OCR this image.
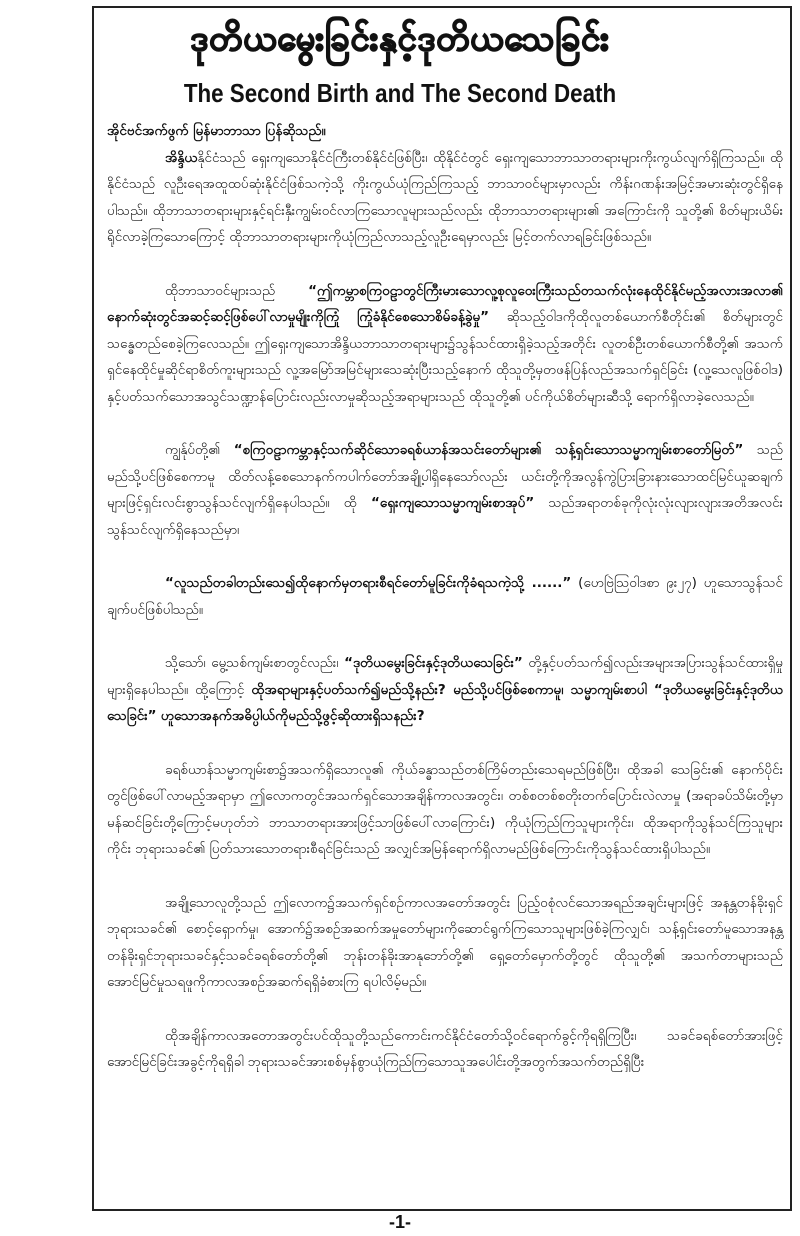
ဒုတိယမွေးခြင်းနှင့်ဒုတိယသေခြင်း
The Second Birth and The Second Death

အိုင်ဗင်အက်ဖွက် မြန်မာဘာသာ ပြန်ဆိုသည်။

အိန္ဒိယနိုင်ငံသည် ရှေးကျသောနိုင်ငံကြီးတစ်နိုင်ငံဖြစ်ပြီး၊ ထိုနိုင်ငံတွင် ရှေးကျသောဘာသာတရားများကိုးကွယ်လျက်ရှိကြသည်။ ထိုနိုင်ငံသည် လူဦးရေအထူထပ်ဆုံးနိုင်ငံဖြစ်သကဲ့သို့ ကိုးကွယ်ယုံကြည်ကြသည့် ဘာသာဝင်များမှာလည်း ကိန်းဂဏန်းအမြင့်အမားဆုံးတွင်ရှိနေပါသည်။ ထိုဘာသာတရားများနှင့်ရင်းနှီးကျွမ်းဝင်လာကြသောလူများသည်လည်း ထိုဘာသာတရားများ၏ အကြောင်းကို သူတို့၏ စိတ်များယိမ်းရိုင်လာခဲ့ကြသောကြောင့် ထိုဘာသာတရားများကိုယုံကြည်လာသည့်လူဦးရေမှာလည်း မြင့်တက်လာရခြင်းဖြစ်သည်။

ထိုဘာသာဝင်များသည် “ဤကမ္ဘာစကြဝဠာတွင်ကြီးမားသောလူ့စုလူဝေးကြီးသည်တသက်လုံးနေထိုင်နိုင်မည့်အလားအလာ၏ နောက်ဆုံးတွင်အဆင့်ဆင့်ဖြစ်ပေါ်လာမှုမျိုးကိုကြုံ ကြုံခံနိုင်စေသောစိမ်ခန့်ခွဲမှု” ဆိုသည့်ဝါဒကိုထိုလူတစ်ယောက်စီတိုင်း၏ စိတ်များတွင်သန္ဓေတည်စေခဲ့ကြလေသည်။ ဤရှေးကျသောအိန္ဒိယဘာသာတရားများ၌သွန်သင်ထားရှိခဲ့သည့်အတိုင်း လူတစ်ဦးတစ်ယောက်စီတို့၏ အသက်ရှင်နေထိုင်မှုဆိုင်ရာစိတ်ကူးများသည် လူ့အမြော်အမြင်များသေဆုံးပြီးသည့်နောက် ထိုသူတို့မှတဖန်ပြန်လည်အသက်ရှင်ခြင်း (လူ့သေလူဖြစ်ဝါဒ) နှင့်ပတ်သက်သောအသွင်သဏ္ဍာန်ပြောင်းလည်းလာမှုဆိုသည့်အရာများသည် ထိုသူတို့၏ ပင်ကိုယ်စိတ်များဆီသို့ ရောက်ရှိလာခဲ့လေသည်။

ကျွန်ုပ်တို့၏ “စကြဝဠာကမ္ဘာနှင့်သက်ဆိုင်သောခရစ်ယာန်အသင်းတော်များ၏ သန့်ရှင်းသောသမ္မာကျမ်းစာတော်မြတ်” သည် မည်သို့ပင်ဖြစ်စေကာမူ ထိတ်လန့်စေသောနက်ကပါက်တော်အချို့ပါရှိနေသော်လည်း ယင်းတို့ကိုအလွန်ကွဲပြားခြားနားသောထင်မြင်ယူဆချက်များဖြင့်ရှင်းလင်းစွာသွန်သင်လျက်ရှိနေပါသည်။ ထို “ရှေးကျသောသမ္မာကျမ်းစာအုပ်” သည်အရာတစ်ခုကိုလုံးလုံးလျားလျားအတိအလင်းသွန်သင်လျက်ရှိနေသည်မှာ၊

“လူသည်တခါတည်းသေ၍ထိုနောက်မှတရားစီရင်တော်မူခြင်းကိုခံရသကဲ့သို့ ......” (ဟေဗြဲသြဝါဒစာ ၉း၂၇) ဟူသောသွန်သင်ချက်ပင်ဖြစ်ပါသည်။

သို့သော်၊ မွေ့သစ်ကျမ်းစာတွင်လည်း၊ “ဒုတိယမွေးခြင်းနှင့်ဒုတိယသေခြင်း” တို့နှင့်ပတ်သက်၍လည်းအများအပြားသွန်သင်ထားရှိမှုများရှိနေပါသည်။ ထို့ကြောင့် ထိုအရာများနှင့်ပတ်သက်၍မည်သို့နည်း? မည်သို့ပင်ဖြစ်စေကာမူ၊ သမ္မာကျမ်းစာပါ “ဒုတိယမွေးခြင်းနှင့်ဒုတိယသေခြင်း” ဟူသောအနက်အဓိပ္ပါယ်ကိုမည်သို့ဖွင့်ဆိုထားရှိသနည်း?

ခရစ်ယာန်သမ္မာကျမ်းစာ၌အသက်ရှိသောလူ၏ ကိုယ်ခန္ဓာသည်တစ်ကြိမ်တည်းသေရမည်ဖြစ်ပြီး၊ ထိုအခါ သေခြင်း၏ နောက်ပိုင်းတွင်ဖြစ်ပေါ်လာမည့်အရာမှာ ဤလောကတွင်အသက်ရှင်သောအချိန်ကာလအတွင်း၊ တစ်စတစ်စတိုးတက်ပြောင်းလဲလာမှု (အရာခပ်သိမ်းတို့မှာမန်ဆင်ခြင်းတို့ကြောင့်မဟုတ်ဘဲ ဘာသာတရားအားဖြင့်သာဖြစ်ပေါ်လာကြောင်း) ကိုယုံကြည်ကြသူများကိုင်း၊ ထိုအရာကိုသွန်သင်ကြသူများကိုင်း ဘုရားသခင်၏ ပြတ်သားသောတရားစီရင်ခြင်းသည် အလျှင်အမြန်ရောက်ရှိလာမည်ဖြစ်ကြောင်းကိုသွန်သင်ထားရှိပါသည်။

အချို့သောလူတို့သည် ဤလောက၌အသက်ရှင်စဉ်ကာလအတော်အတွင်း ပြည့်ဝစုံလင်သောအရည်အချင်းများဖြင့် အနန္တတန်ခိုးရှင်ဘုရားသခင်၏ စောင့်ရှောက်မှု၊ အောက်၌အစဉ်အဆက်အမှုတော်များကိုဆောင်ရွက်ကြသောသူများဖြစ်ခဲ့ကြလျှင်၊ သန့်ရှင်းတော်မူသောအနန္တတန်ခိုးရှင်ဘုရားသခင်နှင့်သခင်ခရစ်တော်တို့၏ ဘုန်းတန်ခိုးအာနုဘော်တို့၏ ရှေ့တော်မှောက်တို့တွင် ထိုသူတို့၏ အသက်တာများသည် အောင်မြင်မှုသရဖူကိုကာလအစဉ်အဆက်ရရှိခံစားကြ ရပါလိမ့်မည်။

ထိုအချိန်ကာလအတောအတွင်းပင်ထိုသူတို့သည်ကောင်းကင်နိုင်ငံတော်သို့ဝင်ရောက်ခွင့်ကိုရရှိကြပြီး၊ သခင်ခရစ်တော်အားဖြင့်အောင်မြင်ခြင်းအခွင့်ကိုရရှိခါ ဘုရားသခင်အားစစ်မှန်စွာယုံကြည်ကြသောသူအပေါင်းတို့အတွက်အသက်တည်ရှိပြီး

-1-
